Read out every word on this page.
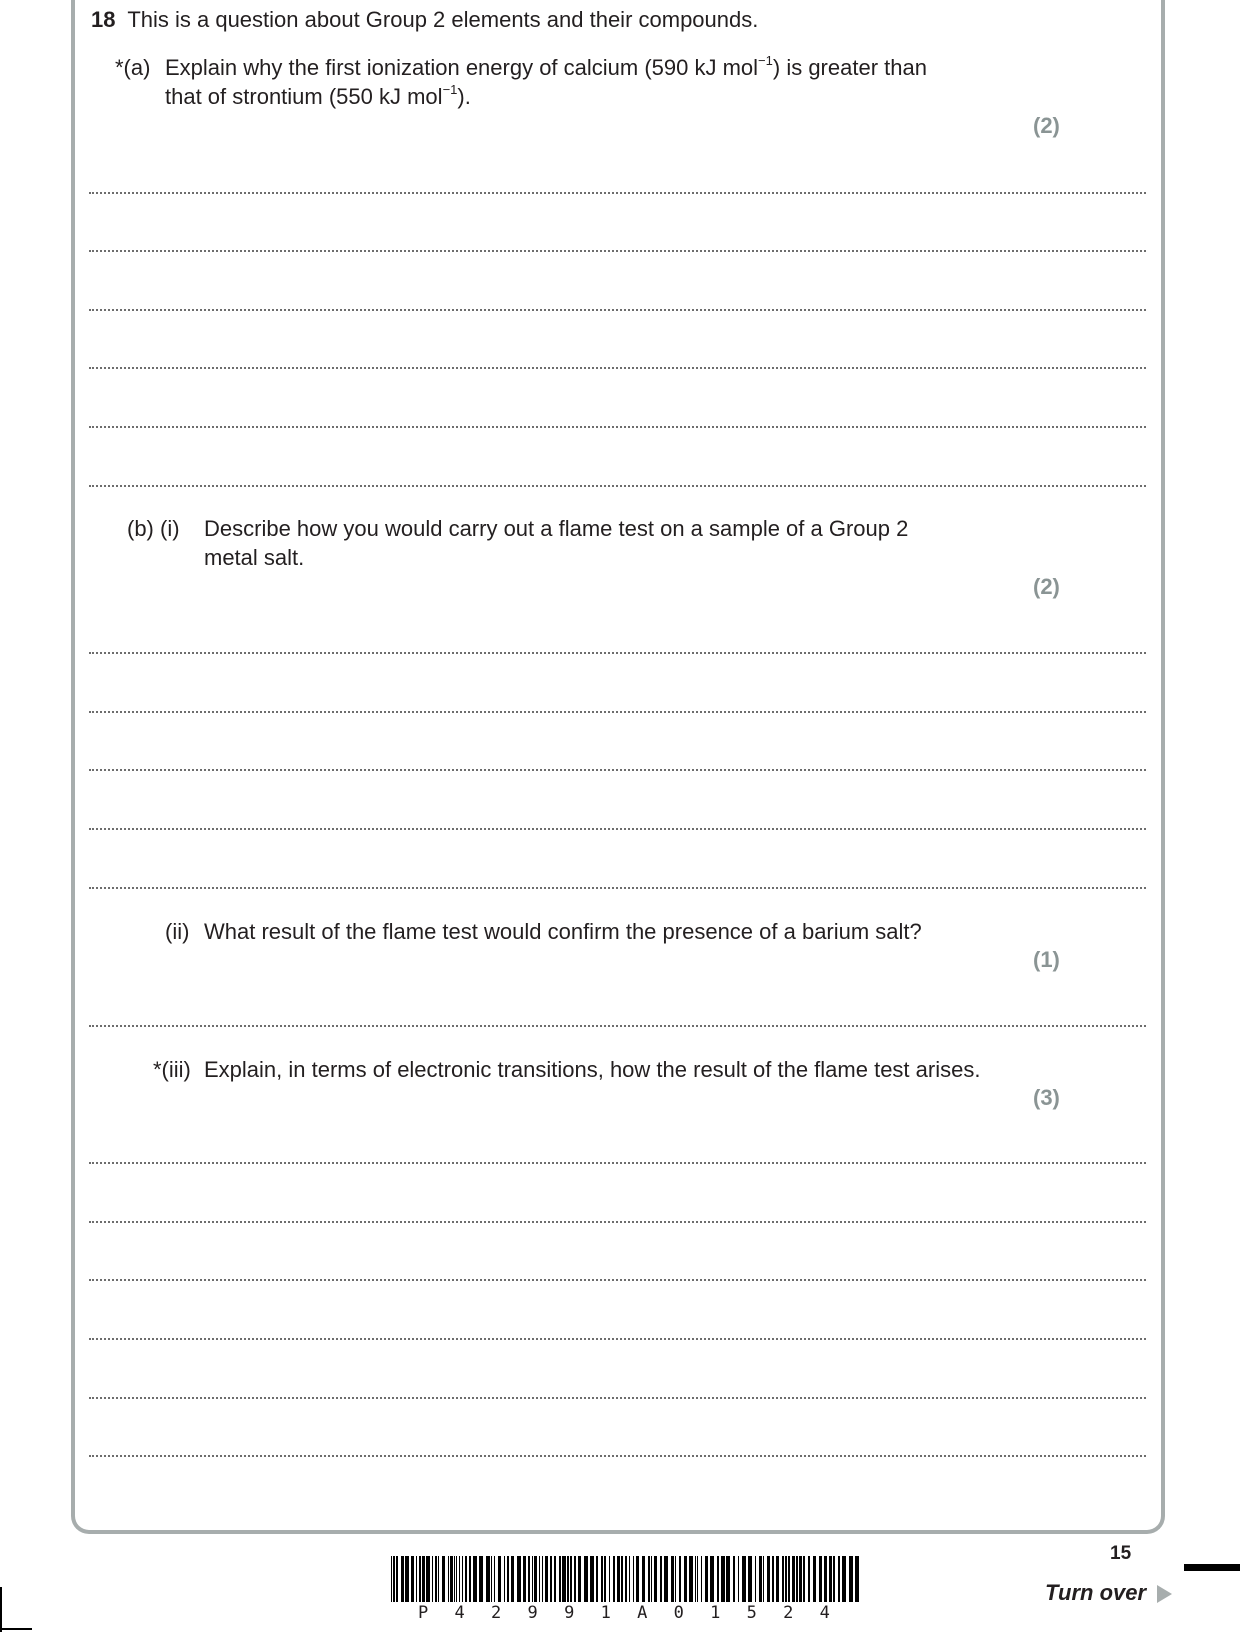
18 This is a question about Group 2 elements and their compounds.
*(a) Explain why the first ionization energy of calcium (590 kJ mol$^{-1}$) is greater than
that of strontium (550 kJ mol$^{-1}$).
(2)
(b) (i) Describe how you would carry out a flame test on a sample of a Group 2
metal salt.
(2)
(ii) What result of the flame test would confirm the presence of a barium salt?
(1)
*(iii) Explain, in terms of electronic transitions, how the result of the flame test arises.
(3)
P 4 2 9 9 1 A 0 1 5 2 4
15
Turn over
